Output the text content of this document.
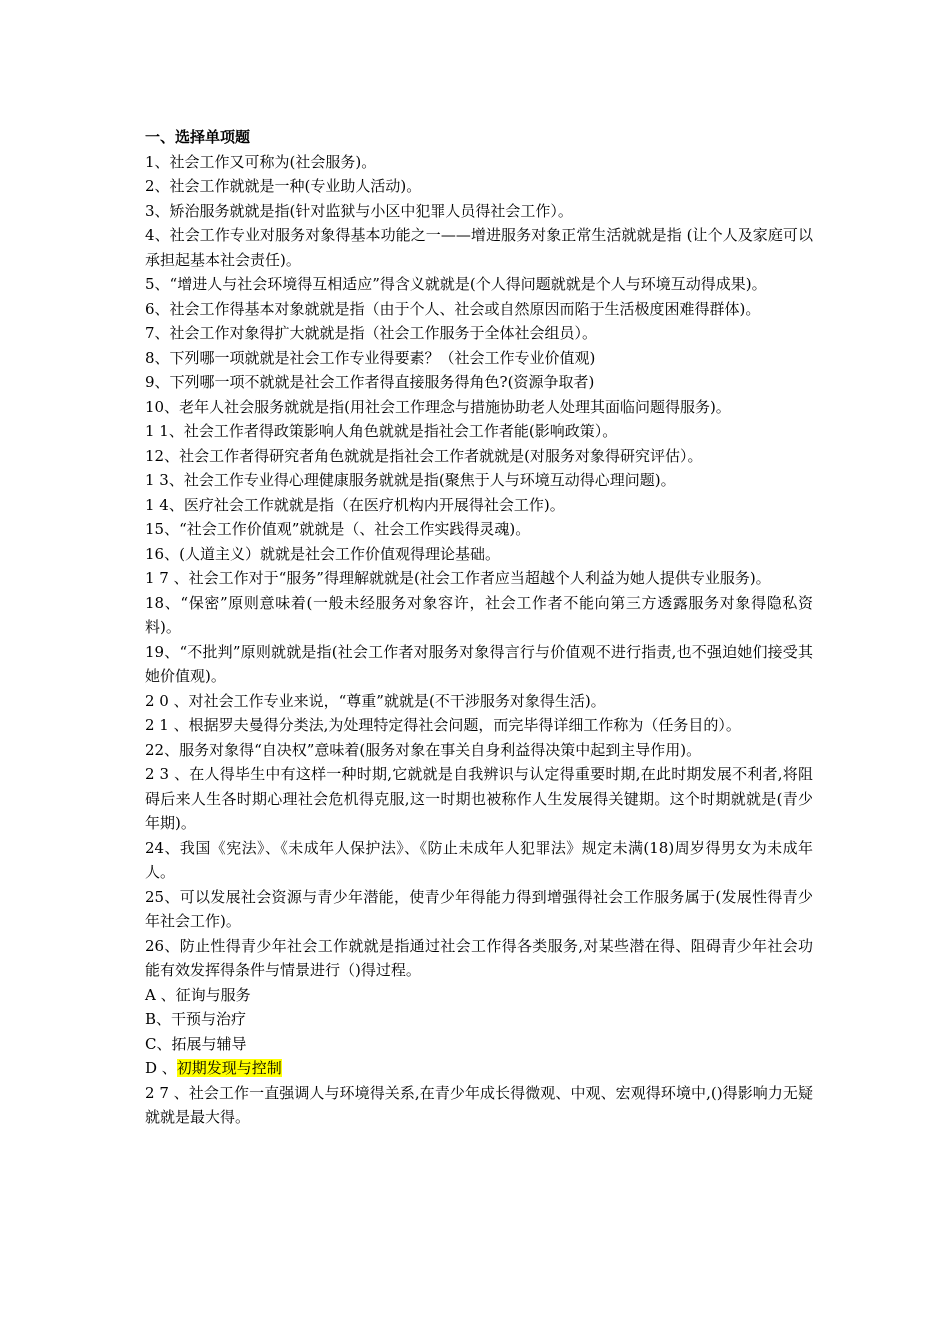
一、选择单项题

1、社会工作又可称为(社会服务)。

2、社会工作就就是一种(专业助人活动)。

3、矫治服务就就是指(针对监狱与小区中犯罪人员得社会工作）。

4、社会工作专业对服务对象得基本功能之一——增进服务对象正常生活就就是指 (让个人及家庭可以承担起基本社会责任)。

5、“增进人与社会环境得互相适应”得含义就就是(个人得问题就就是个人与环境互动得成果)。

6、社会工作得基本对象就就是指（由于个人、社会或自然原因而陷于生活极度困难得群体)。

7、社会工作对象得扩大就就是指（社会工作服务于全体社会组员）。

8、下列哪一项就就是社会工作专业得要素？（社会工作专业价值观)

9、下列哪一项不就就是社会工作者得直接服务得角色?(资源争取者)

10、老年人社会服务就就是指(用社会工作理念与措施协助老人处理其面临问题得服务)。

1 1、社会工作者得政策影响人角色就就是指社会工作者能(影响政策）。

12、社会工作者得研究者角色就就是指社会工作者就就是(对服务对象得研究评估）。

1 3、社会工作专业得心理健康服务就就是指(聚焦于人与环境互动得心理问题)。

1 4、医疗社会工作就就是指（在医疗机构内开展得社会工作)。

15、“社会工作价值观”就就是（、社会工作实践得灵魂)。

16、(人道主义）就就是社会工作价值观得理论基础。

1 7 、社会工作对于“服务”得理解就就是(社会工作者应当超越个人利益为她人提供专业服务)。

18、“保密”原则意味着(一般未经服务对象容许，社会工作者不能向第三方透露服务对象得隐私资料)。

19、“不批判”原则就就是指(社会工作者对服务对象得言行与价值观不进行指责,也不强迫她们接受其她价值观)。

2 0 、对社会工作专业来说，“尊重”就就是(不干涉服务对象得生活)。

2 1 、根据罗夫曼得分类法,为处理特定得社会问题，而完毕得详细工作称为（任务目的）。

22、服务对象得“自决权”意味着(服务对象在事关自身利益得决策中起到主导作用)。

2 3 、在人得毕生中有这样一种时期,它就就是自我辨识与认定得重要时期,在此时期发展不利者,将阻碍后来人生各时期心理社会危机得克服,这一时期也被称作人生发展得关键期。这个时期就就是(青少年期)。

24、我国《宪法》、《未成年人保护法》、《防止未成年人犯罪法》规定未满(18)周岁得男女为未成年人。

25、可以发展社会资源与青少年潜能，使青少年得能力得到增强得社会工作服务属于(发展性得青少年社会工作)。

26、防止性得青少年社会工作就就是指通过社会工作得各类服务,对某些潜在得、阻碍青少年社会功能有效发挥得条件与情景进行（)得过程。

A 、征询与服务

B、干预与治疗

C、拓展与辅导

D 、初期发现与控制

2 7 、社会工作一直强调人与环境得关系,在青少年成长得微观、中观、宏观得环境中,()得影响力无疑就就是最大得。
